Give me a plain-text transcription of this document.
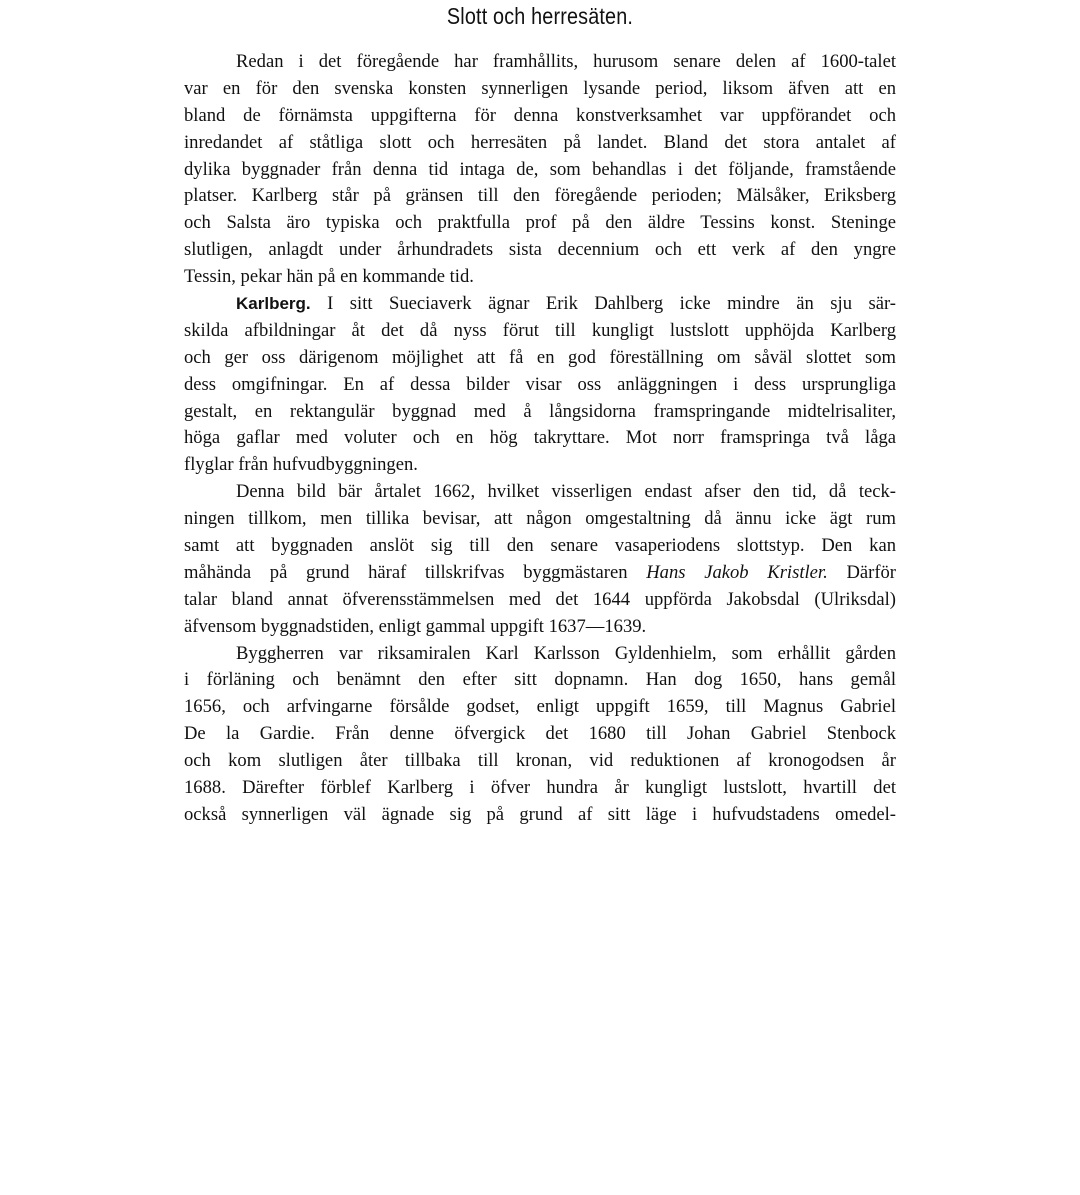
Slott och herresäten.
Redan i det föregående har framhållits, hurusom senare delen af 1600-talet
var en för den svenska konsten synnerligen lysande period, liksom äfven att en
bland de förnämsta uppgifterna för denna konstverksamhet var uppförandet och
inredandet af ståtliga slott och herresäten på landet. Bland det stora antalet af
dylika byggnader från denna tid intaga de, som behandlas i det följande, framstående
platser. Karlberg står på gränsen till den föregående perioden; Mälsåker, Eriksberg
och Salsta äro typiska och praktfulla prof på den äldre Tessins konst. Steninge
slutligen, anlagdt under århundradets sista decennium och ett verk af den yngre
Tessin, pekar hän på en kommande tid.
Karlberg. I sitt Sueciaverk ägnar Erik Dahlberg icke mindre än sju sär-
skilda afbildningar åt det då nyss förut till kungligt lustslott upphöjda Karlberg
och ger oss därigenom möjlighet att få en god föreställning om såväl slottet som
dess omgifningar. En af dessa bilder visar oss anläggningen i dess ursprungliga
gestalt, en rektangulär byggnad med å långsidorna framspringande midtelrisaliter,
höga gaflar med voluter och en hög takryttare. Mot norr framspringa två låga
flyglar från hufvudbyggningen.
Denna bild bär årtalet 1662, hvilket visserligen endast afser den tid, då teck-
ningen tillkom, men tillika bevisar, att någon omgestaltning då ännu icke ägt rum
samt att byggnaden anslöt sig till den senare vasaperiodens slottstyp. Den kan
måhända på grund häraf tillskrifvas byggmästaren Hans Jakob Kristler. Därför
talar bland annat öfverensstämmelsen med det 1644 uppförda Jakobsdal (Ulriksdal)
äfvensom byggnadstiden, enligt gammal uppgift 1637—1639.
Byggherren var riksamiralen Karl Karlsson Gyldenhielm, som erhållit gården
i förläning och benämnt den efter sitt dopnamn. Han dog 1650, hans gemål
1656, och arfvingarne försålde godset, enligt uppgift 1659, till Magnus Gabriel
De la Gardie. Från denne öfvergick det 1680 till Johan Gabriel Stenbock
och kom slutligen åter tillbaka till kronan, vid reduktionen af kronogodsen år
1688. Därefter förblef Karlberg i öfver hundra år kungligt lustslott, hvartill det
också synnerligen väl ägnade sig på grund af sitt läge i hufvudstadens omedel-
